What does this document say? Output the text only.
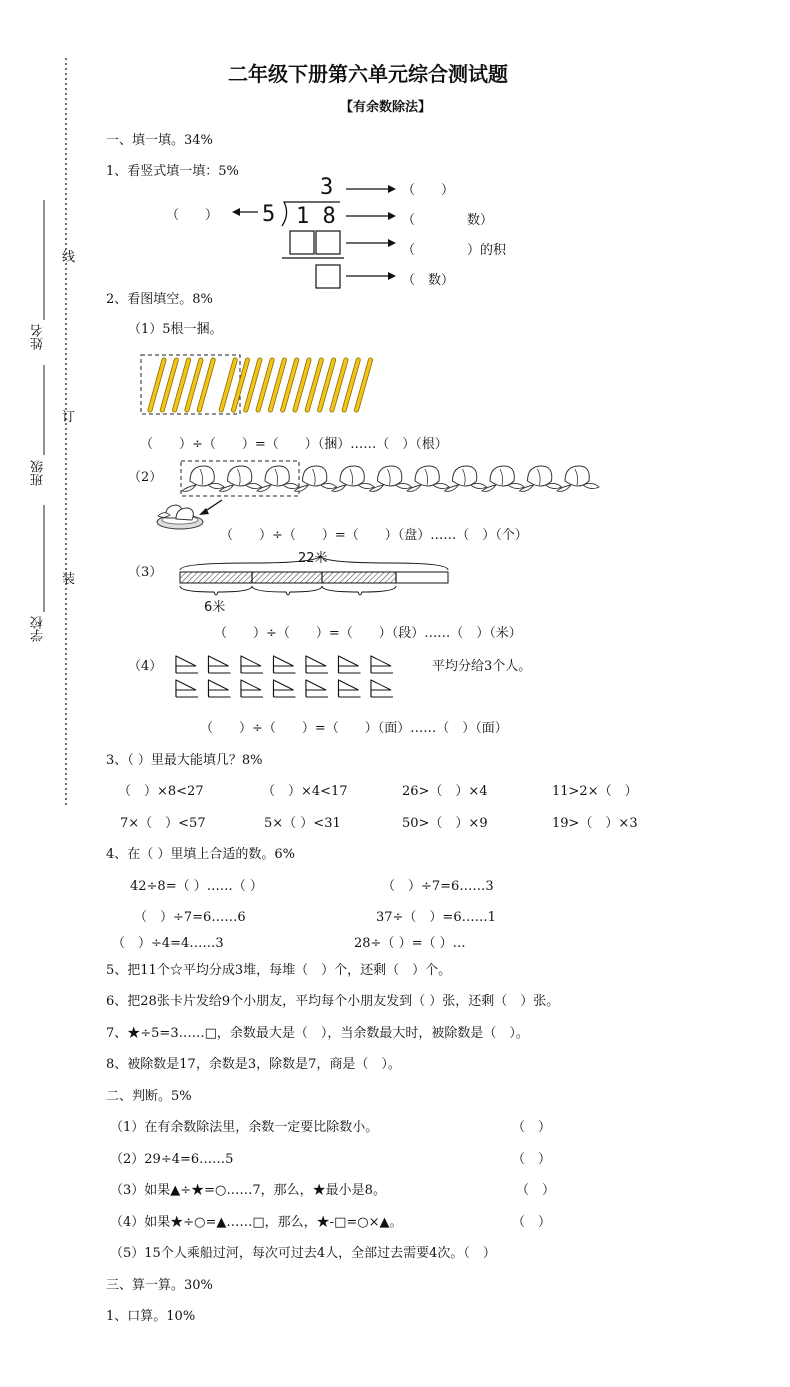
线
订
装
姓名
班级
学校
二年级下册第六单元综合测试题
【有余数除法】
一、填一填。34%
1、看竖式填一填：5%
3
5 1 8
（　　）
（　　）
（　　　　数）
（　　　　）的积
（　数）
2、看图填空。8%
（1）5根一捆。
（　　）÷（　　）=（　　）（捆）……（　）（根）
（2）
（　　）÷（　　）=（　　）（盘）……（　）（个）
（3）
22米
6米
（　　）÷（　　）=（　　）（段）……（　）（米）
（4）	平均分给3个人。
（　　）÷（　　）=（　　）（面）……（　）（面）
3、（ ）里最大能填几？8%
（　）×8<27	（　）×4<17	26>（　）×4	11>2×（　）
7×（　）<57	5×（ ）<31	50>（　）×9	19>（　）×3
4、在（ ）里填上合适的数。6%
42÷8=（ ）……（ ）	（　）÷7=6……3
（　）÷7=6……6	37÷（　）=6……1
（　）÷4=4……3	28÷（ ）=（ ）…
5、把11个☆平均分成3堆，每堆（　）个，还剩（　）个。
6、把28张卡片发给9个小朋友，平均每个小朋友发到（ ）张，还剩（　）张。
7、★÷5=3……□，余数最大是（　），当余数最大时，被除数是（　）。
8、被除数是17，余数是3，除数是7，商是（　）。
二、判断。5%
（1）在有余数除法里，余数一定要比除数小。	（　）
（2）29÷4=6……5	（　）
（3）如果▲÷★=○……7，那么，★最小是8。	（　）
（4）如果★÷○=▲……□，那么，★-□=○×▲。	（　）
（5）15个人乘船过河，每次可过去4人，全部过去需要4次。（　）
三、算一算。30%
1、口算。10%
